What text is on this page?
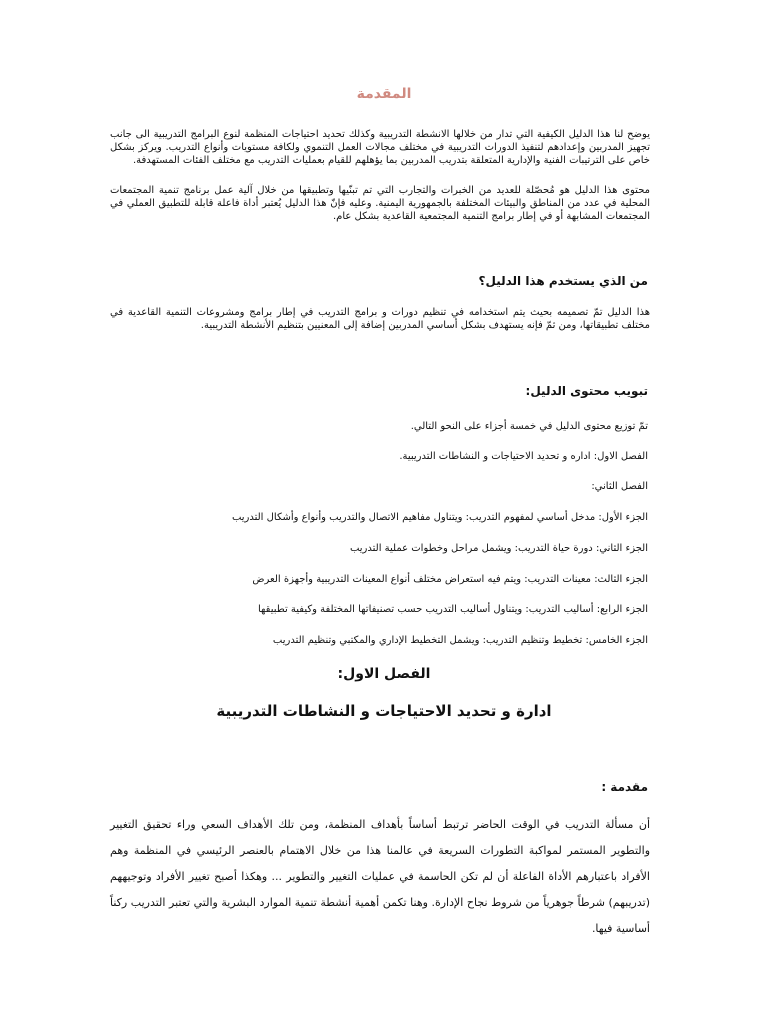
المقدمة

يوضح لنا هذا الدليل الكيفية التي تدار من خلالها الانشطة التدريبية وكذلك تحديد احتياجات المنظمة لنوع البرامج التدريبية الى جانب تجهيز المدربين وإعدادهم لتنفيذ الدورات التدريبية في مختلف مجالات العمل التنموي ولكافة مستويات وأنواع التدريب. ويركز بشكل خاص على الترتيبات الفنية والإدارية المتعلقة بتدريب المدربين بما يؤهلهم للقيام بعمليات التدريب مع مختلف الفئات المستهدفة.

محتوى هذا الدليل هو مُحصّلة للعديد من الخبرات والتجارب التي تم تبنّيها وتطبيقها من خلال آلية عمل برنامج تنمية المجتمعات المحلية في عدد من المناطق والبيئات المختلفة بالجمهورية اليمنية. وعليه فإنّ هذا الدليل يُعتبر أداة فاعلة قابلة للتطبيق العملي في المجتمعات المشابهة أو في إطار برامج التنمية المجتمعية القاعدية بشكل عام.

من الذي يستخدم هذا الدليل؟

هذا الدليل تمّ تصميمه بحيث يتم استخدامه في تنظيم دورات و برامج التدريب في إطار برامج ومشروعات التنمية القاعدية في مختلف تطبيقاتها، ومن ثمّ فإنه يستهدف بشكل أساسي المدربين إضافة إلى المعنيين بتنظيم الأنشطة التدريبية.

تبويب محتوى الدليل:

تمّ توزيع محتوى الدليل في خمسة أجزاء على النحو التالي.

الفصل الاول: اداره و تحديد الاحتياجات و النشاطات التدريبية.

الفصل الثاني:

الجزء الأول: مدخل أساسي لمفهوم التدريب: ويتناول مفاهيم الاتصال والتدريب وأنواع وأشكال التدريب

الجزء الثاني: دورة حياة التدريب: ويشمل مراحل وخطوات عملية التدريب

الجزء الثالث: معينات التدريب: ويتم فيه استعراض مختلف أنواع المعينات التدريبية وأجهزة العرض

الجزء الرابع: أساليب التدريب: ويتناول أساليب التدريب حسب تصنيفاتها المختلفة وكيفية تطبيقها

الجزء الخامس: تخطيط وتنظيم التدريب: ويشمل التخطيط الإداري والمكتبي وتنظيم التدريب

الفصل الاول:

ادارة و تحديد الاحتياجات و النشاطات التدريبية

مقدمة :

أن مسألة التدريب في الوقت الحاضر ترتبط أساساً بأهداف المنظمة، ومن تلك الأهداف السعي وراء تحقيق التغيير والتطوير المستمر لمواكبة التطورات السريعة في عالمنا هذا من خلال الاهتمام بالعنصر الرئيسي في المنظمة وهم الأفراد باعتبارهم الأداة الفاعلة أن لم تكن الحاسمة في عمليات التغيير والتطوير ... وهكذا أصبح تغيير الأفراد وتوجيههم (تدريبهم) شرطاً جوهرياً من شروط نجاح الإدارة. وهنا تكمن أهمية أنشطة تنمية الموارد البشرية والتي تعتبر التدريب ركناً أساسية فيها.
